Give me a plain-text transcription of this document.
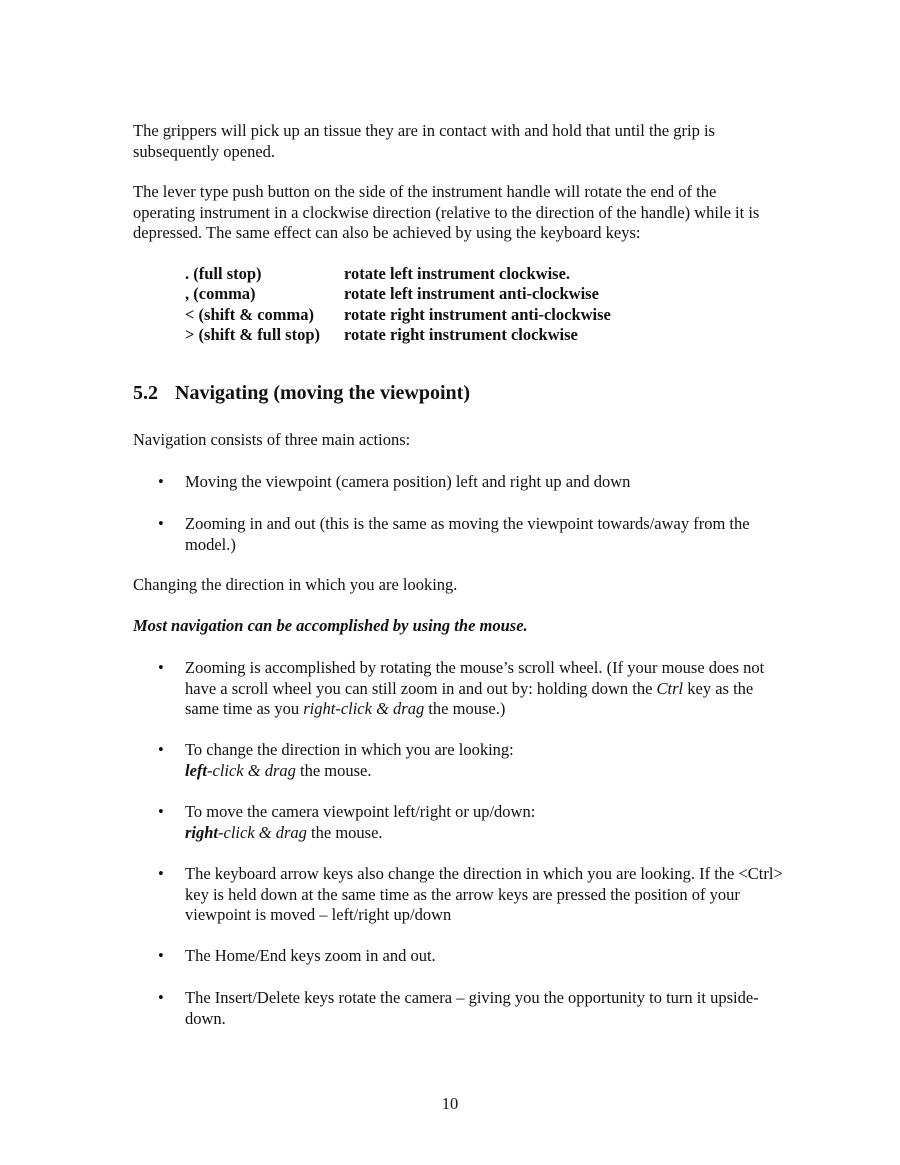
The grippers will pick up an tissue they are in contact with and hold that until the grip is subsequently opened.

The lever type push button on the side of the instrument handle will rotate the end of the operating instrument in a clockwise direction (relative to the direction of the handle) while it is depressed. The same effect can also be achieved by using the keyboard keys:

. (full stop)	rotate left instrument clockwise.
, (comma)	rotate left instrument anti-clockwise
< (shift & comma)	rotate right instrument anti-clockwise
> (shift & full stop)	rotate right instrument clockwise
5.2 Navigating (moving the viewpoint)

Navigation consists of three main actions:

• Moving the viewpoint (camera position) left and right up and down
• Zooming in and out (this is the same as moving the viewpoint towards/away from the model.)

Changing the direction in which you are looking.

Most navigation can be accomplished by using the mouse.

• Zooming is accomplished by rotating the mouse’s scroll wheel. (If your mouse does not have a scroll wheel you can still zoom in and out by: holding down the Ctrl key as the same time as you right-click & drag the mouse.)
• To change the direction in which you are looking:
left-click & drag the mouse.
• To move the camera viewpoint left/right or up/down:
right-click & drag the mouse.
• The keyboard arrow keys also change the direction in which you are looking. If the <Ctrl> key is held down at the same time as the arrow keys are pressed the position of your viewpoint is moved – left/right up/down
• The Home/End keys zoom in and out.
• The Insert/Delete keys rotate the camera – giving you the opportunity to turn it upside-down.
10
